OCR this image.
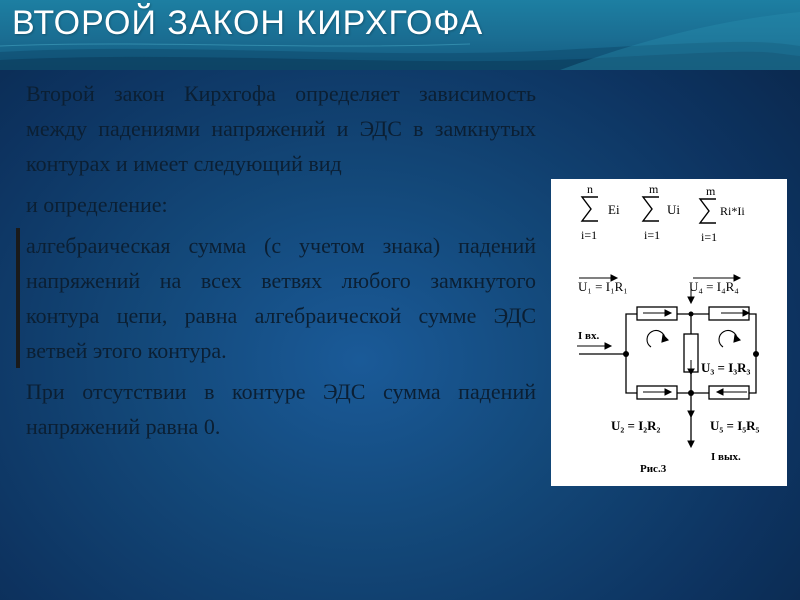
ВТОРОЙ ЗАКОН КИРХГОФА

Второй закон Кирхгофа определяет зависимость между падениями напряжений и ЭДС в замкнутых контурах и имеет следующий вид

и определение:

алгебраическая сумма (с учетом знака) падений напряжений на всех ветвях любого замкнутого контура цепи, равна алгебраической сумме ЭДС ветвей этого контура.

При отсутствии в контуре ЭДС сумма падений напряжений равна 0.

n
Ei
i=1
m
Ui
i=1
m
Ri*Ii
i=1
U₁ = I₁R₁	U₄ = I₄R₄
I вх.
U₃ = I₃R₃
U₂ = I₂R₂	U₅ = I₅R₅
I вых.
Рис.3
